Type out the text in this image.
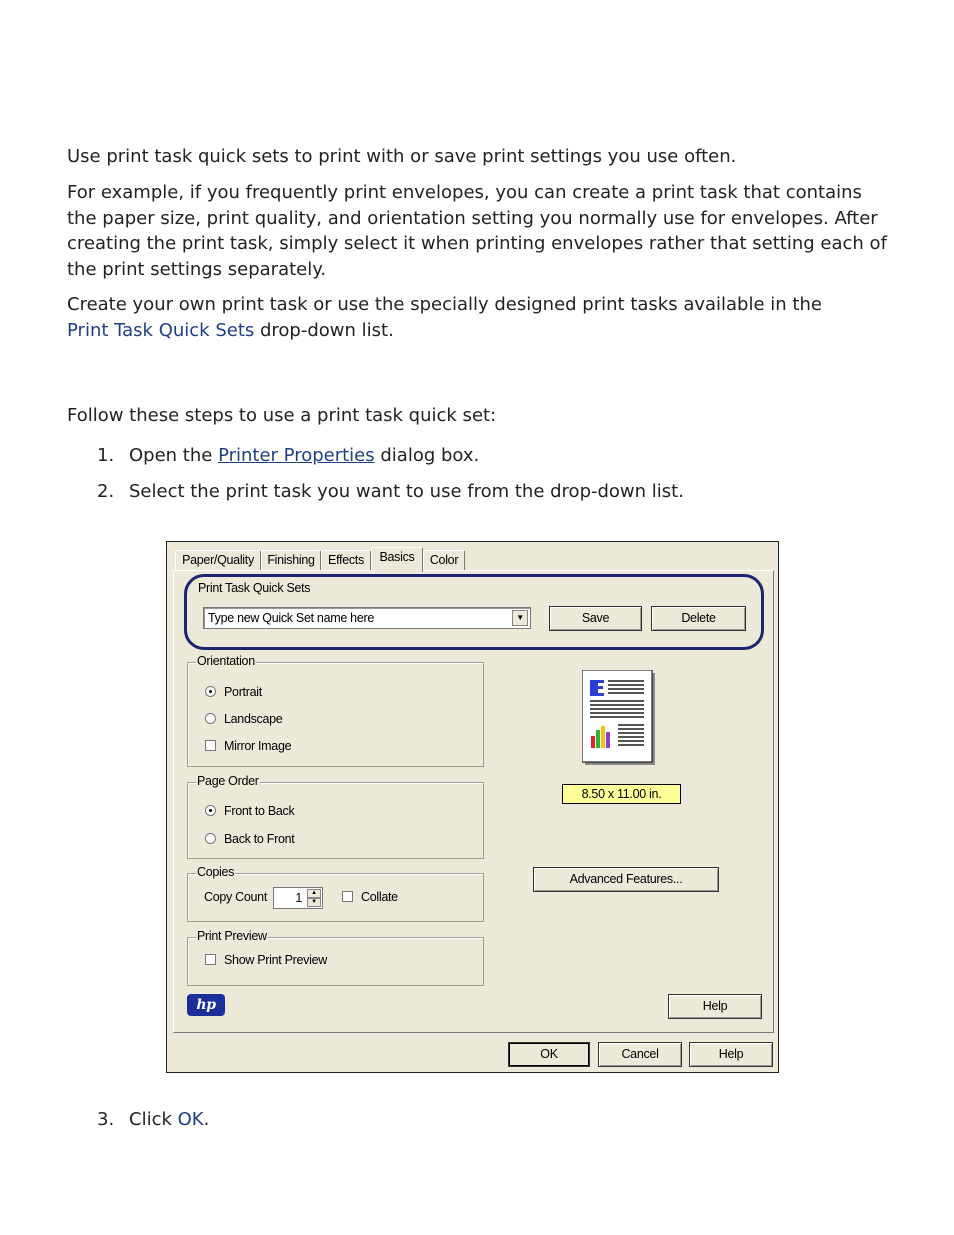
Use print task quick sets to print with or save print settings you use often.

For example, if you frequently print envelopes, you can create a print task that contains the paper size, print quality, and orientation setting you normally use for envelopes. After creating the print task, simply select it when printing envelopes rather that setting each of the print settings separately.

Create your own print task or use the specially designed print tasks available in the
Print Task Quick Sets drop-down list.

Follow these steps to use a print task quick set:

1. Open the Printer Properties dialog box.
2. Select the print task you want to use from the drop-down list.
Paper/Quality	Finishing	Effects	Basics	Color
Print Task Quick Sets
Type new Quick Set name here	▼	Save	Delete
Orientation
Portrait
Landscape
Mirror Image
Page Order
Front to Back
Back to Front
Copies
Copy Count 1	▲
▼	Collate
Print Preview
Show Print Preview
8.50 x 11.00 in.
Advanced Features...
hp	Help
OK	Cancel	Help
3. Click OK.
